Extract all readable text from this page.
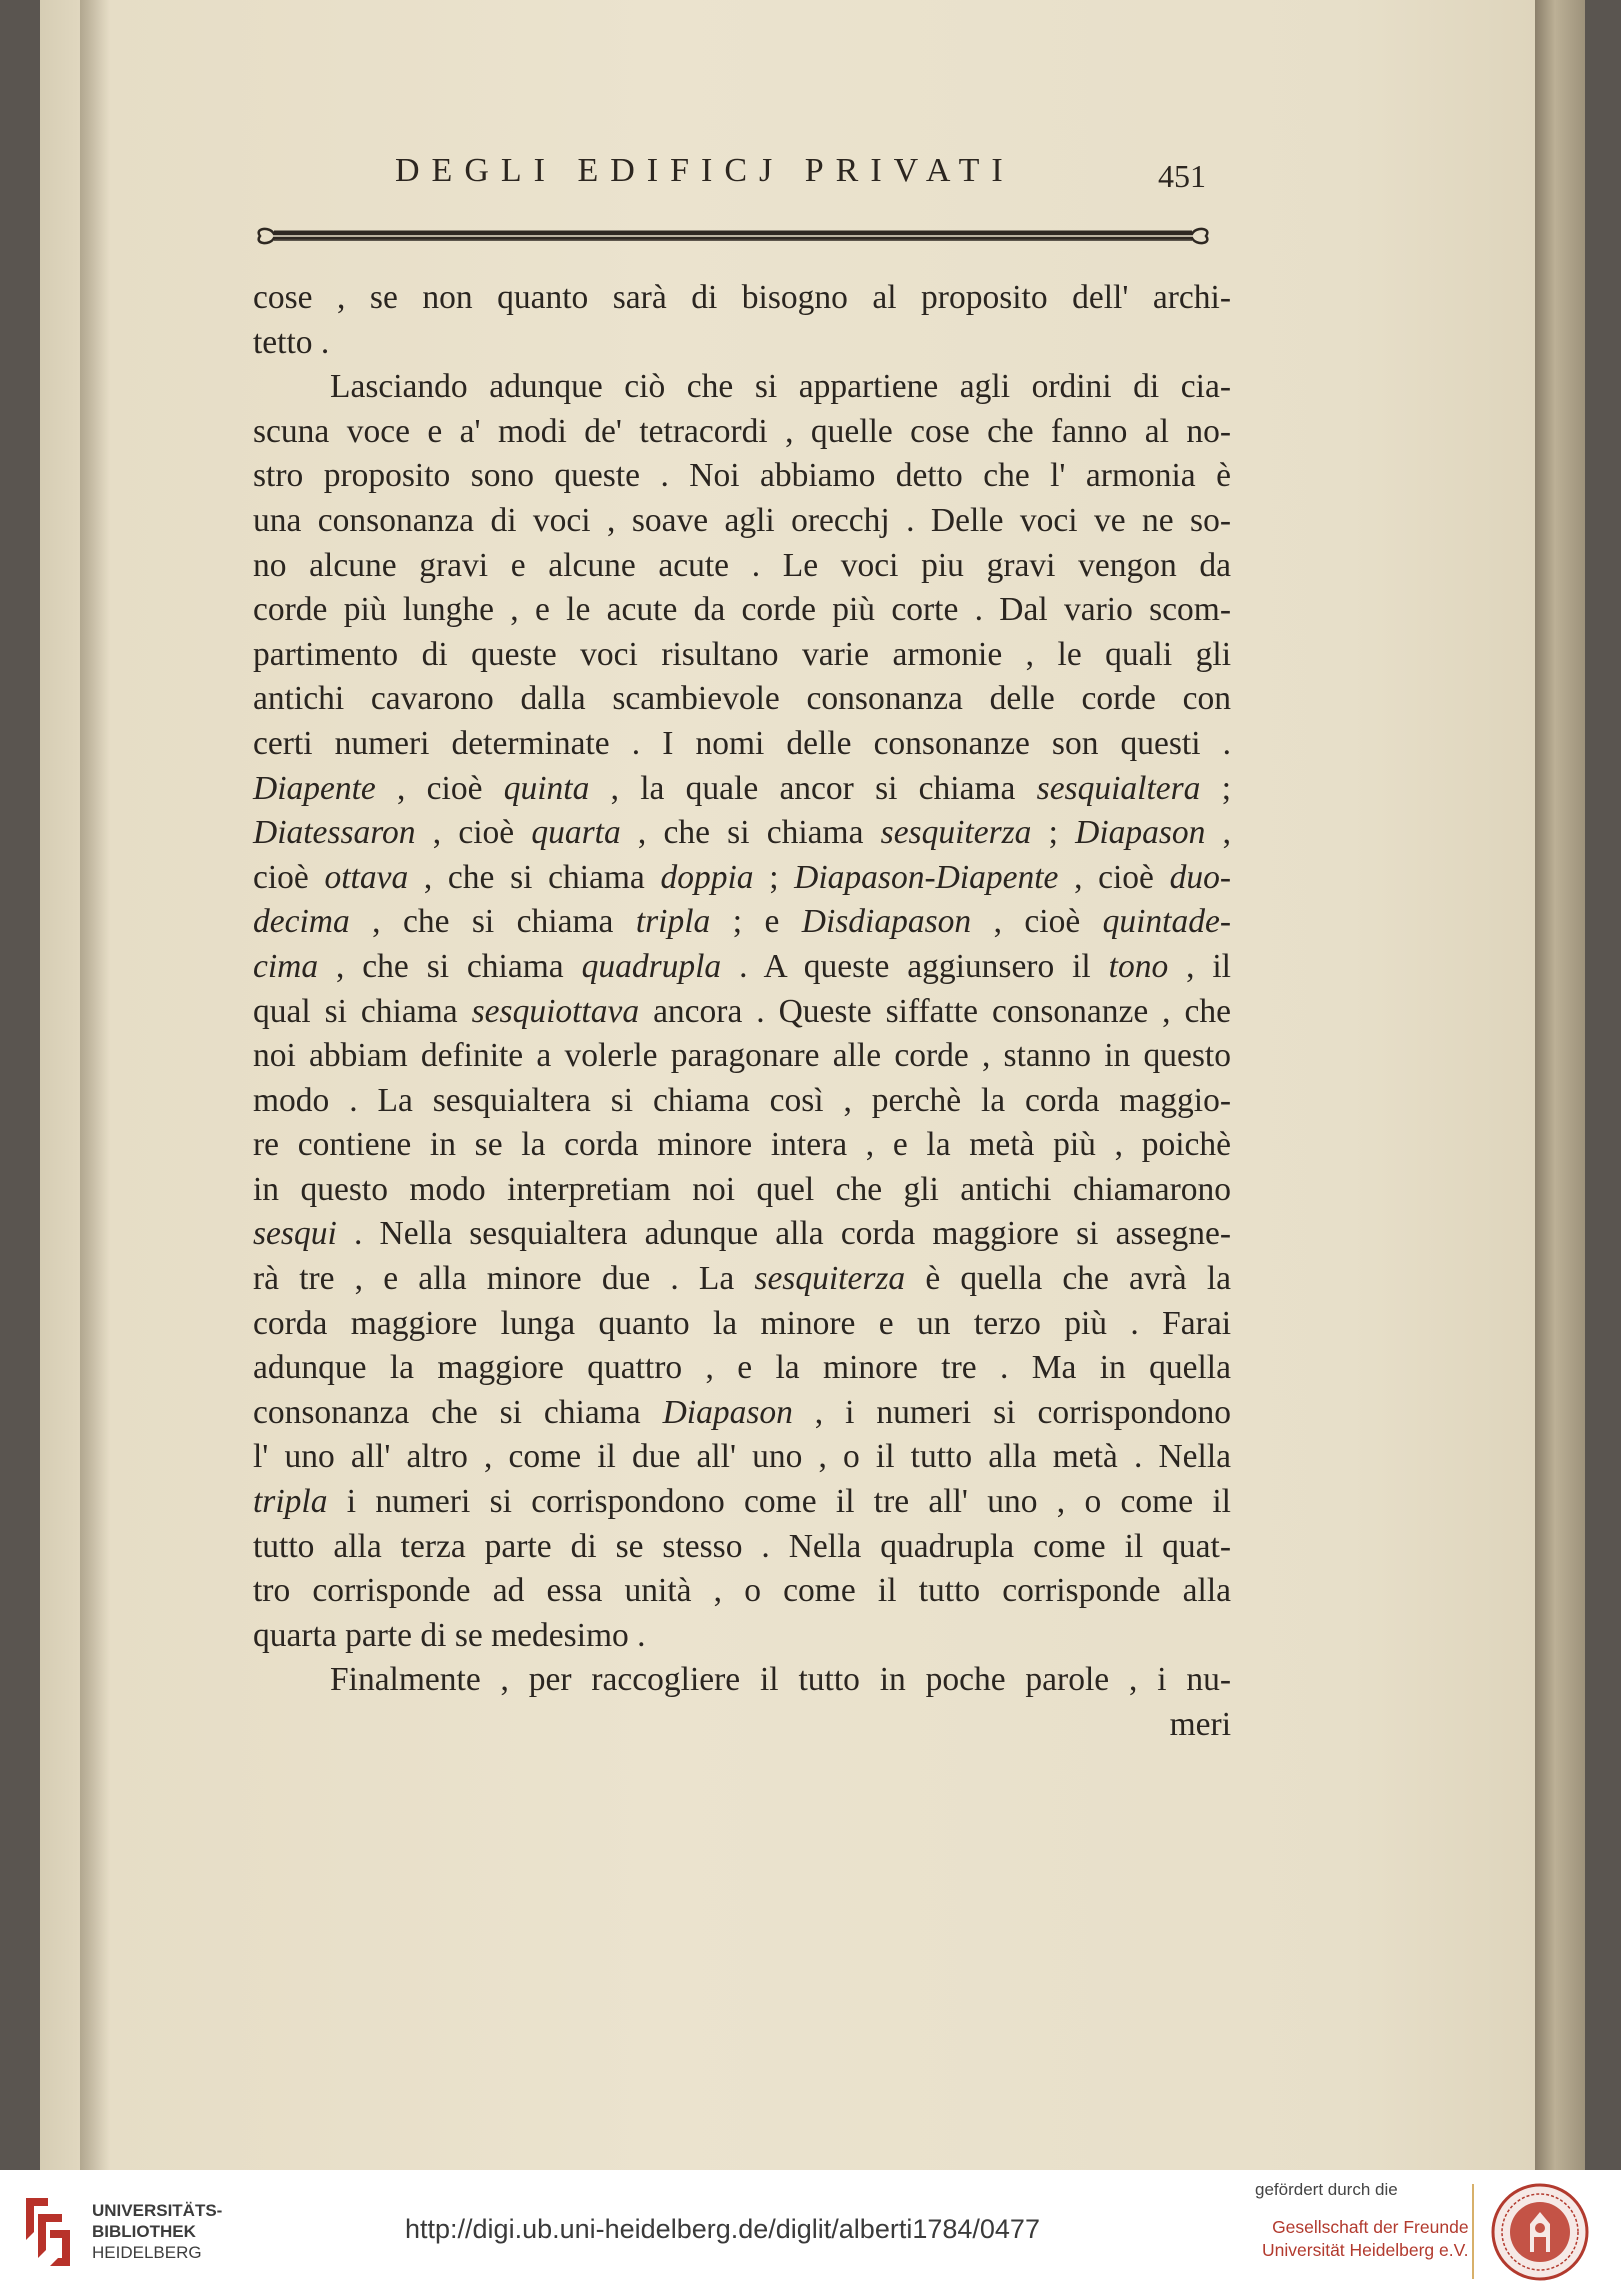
DEGLI EDIFICJ PRIVATI	451
cose , se non quanto sarà di bisogno al proposito dell' archi-
tetto .
Lasciando adunque ciò che si appartiene agli ordini di cia-
scuna voce e a' modi de' tetracordi , quelle cose che fanno al no-
stro proposito sono queste . Noi abbiamo detto che l' armonia è
una consonanza di voci , soave agli orecchj . Delle voci ve ne so-
no alcune gravi e alcune acute . Le voci piu gravi vengon da
corde più lunghe , e le acute da corde più corte . Dal vario scom-
partimento di queste voci risultano varie armonie , le quali gli
antichi cavarono dalla scambievole consonanza delle corde con
certi numeri determinate . I nomi delle consonanze son questi .
Diapente , cioè quinta , la quale ancor si chiama sesquialtera ;
Diatessaron , cioè quarta , che si chiama sesquiterza ; Diapason ,
cioè ottava , che si chiama doppia ; Diapason-Diapente , cioè duo-
decima , che si chiama tripla ; e Disdiapason , cioè quintade-
cima , che si chiama quadrupla . A queste aggiunsero il tono , il
qual si chiama sesquiottava ancora . Queste siffatte consonanze , che
noi abbiam definite a volerle paragonare alle corde , stanno in questo
modo . La sesquialtera si chiama così , perchè la corda maggio-
re contiene in se la corda minore intera , e la metà più , poichè
in questo modo interpretiam noi quel che gli antichi chiamarono
sesqui . Nella sesquialtera adunque alla corda maggiore si assegne-
rà tre , e alla minore due . La sesquiterza è quella che avrà la
corda maggiore lunga quanto la minore e un terzo più . Farai
adunque la maggiore quattro , e la minore tre . Ma in quella
consonanza che si chiama Diapason , i numeri si corrispondono
l' uno all' altro , come il due all' uno , o il tutto alla metà . Nella
tripla i numeri si corrispondono come il tre all' uno , o come il
tutto alla terza parte di se stesso . Nella quadrupla come il quat-
tro corrisponde ad essa unità , o come il tutto corrisponde alla
quarta parte di se medesimo .
Finalmente , per raccogliere il tutto in poche parole , i nu-
meri
UNIVERSITÄTS-
BIBLIOTHEK
HEIDELBERG
http://digi.ub.uni-heidelberg.de/diglit/alberti1784/0477
gefördert durch die
Gesellschaft der Freunde
Universität Heidelberg e.V.
